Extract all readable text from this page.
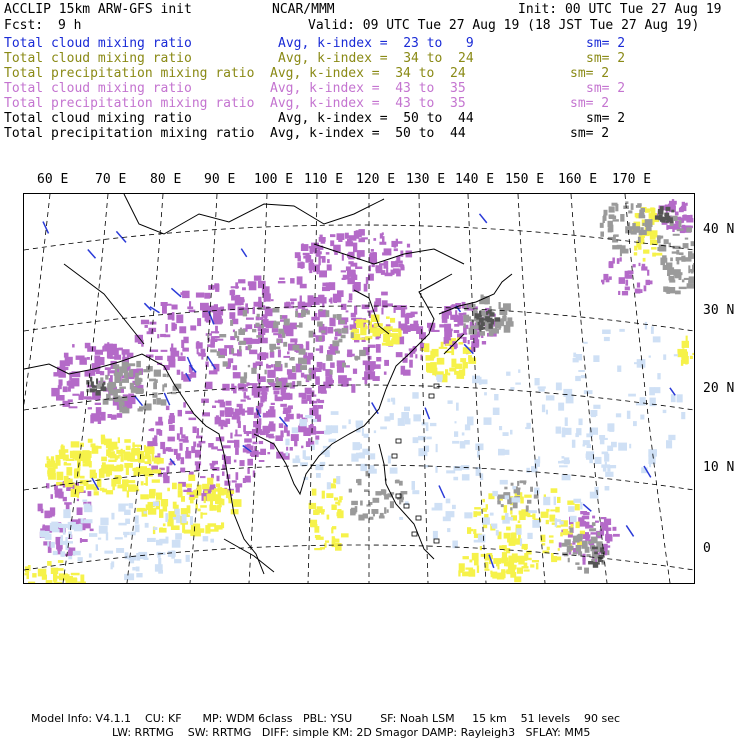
ACCLIP 15km ARW-GFS init	NCAR/MMM	Init: 00 UTC Tue 27 Aug 19
Fcst: 9 h	Valid: 09 UTC Tue 27 Aug 19 (18 JST Tue 27 Aug 19)
Total cloud mixing ratio	Avg, k-index =  23 to   9	sm= 2
Total cloud mixing ratio	Avg, k-index =  34 to  24	sm= 2
Total precipitation mixing ratio Avg, k-index =  34 to  24	sm= 2
Total cloud mixing ratio	Avg, k-index =  43 to  35	sm= 2
Total precipitation mixing ratio Avg, k-index =  43 to  35	sm= 2
Total cloud mixing ratio	Avg, k-index =  50 to  44	sm= 2
Total precipitation mixing ratio Avg, k-index =  50 to  44	sm= 2
60 E 70 E 80 E 90 E 100 E 110 E 120 E 130 E 140 E 150 E 160 E 170 E
40 N
30 N
20 N
10 N
0
Model Info: V4.1.1    CU: KF      MP: WDM 6class   PBL: YSU        SF: Noah LSM     15 km    51 levels    90 sec
LW: RRTMG    SW: RRTMG   DIFF: simple KM: 2D Smagor DAMP: Rayleigh3   SFLAY: MM5
